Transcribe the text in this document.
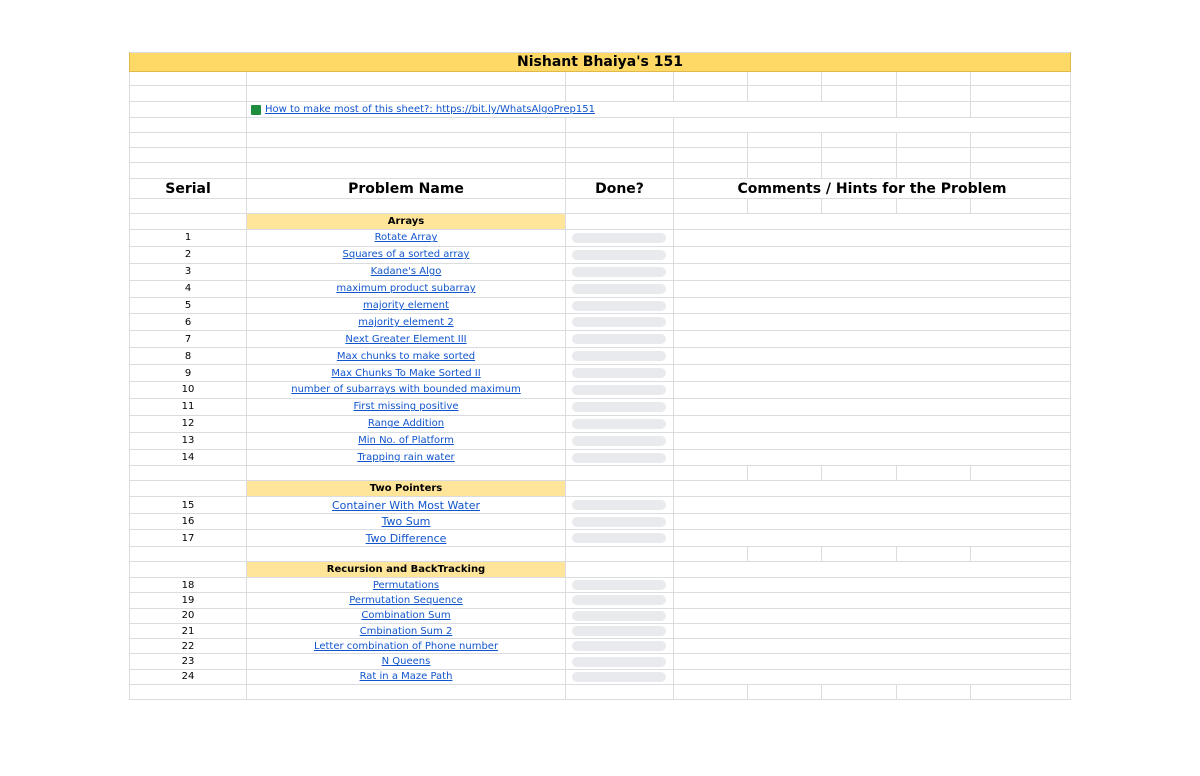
Nishant Bhaiya's 151
How to make most of this sheet?: https://bit.ly/WhatsAlgoPrep151
Serial	Problem Name	Done?	Comments / Hints for the Problem
Arrays
1	Rotate Array
2	Squares of a sorted array
3	Kadane's Algo
4	maximum product subarray
5	majority element
6	majority element 2
7	Next Greater Element III
8	Max chunks to make sorted
9	Max Chunks To Make Sorted II
10	number of subarrays with bounded maximum
11	First missing positive
12	Range Addition
13	Min No. of Platform
14	Trapping rain water
Two Pointers
15	Container With Most Water
16	Two Sum
17	Two Difference
Recursion and BackTracking
18	Permutations
19	Permutation Sequence
20	Combination Sum
21	Cmbination Sum 2
22	Letter combination of Phone number
23	N Queens
24	Rat in a Maze Path
